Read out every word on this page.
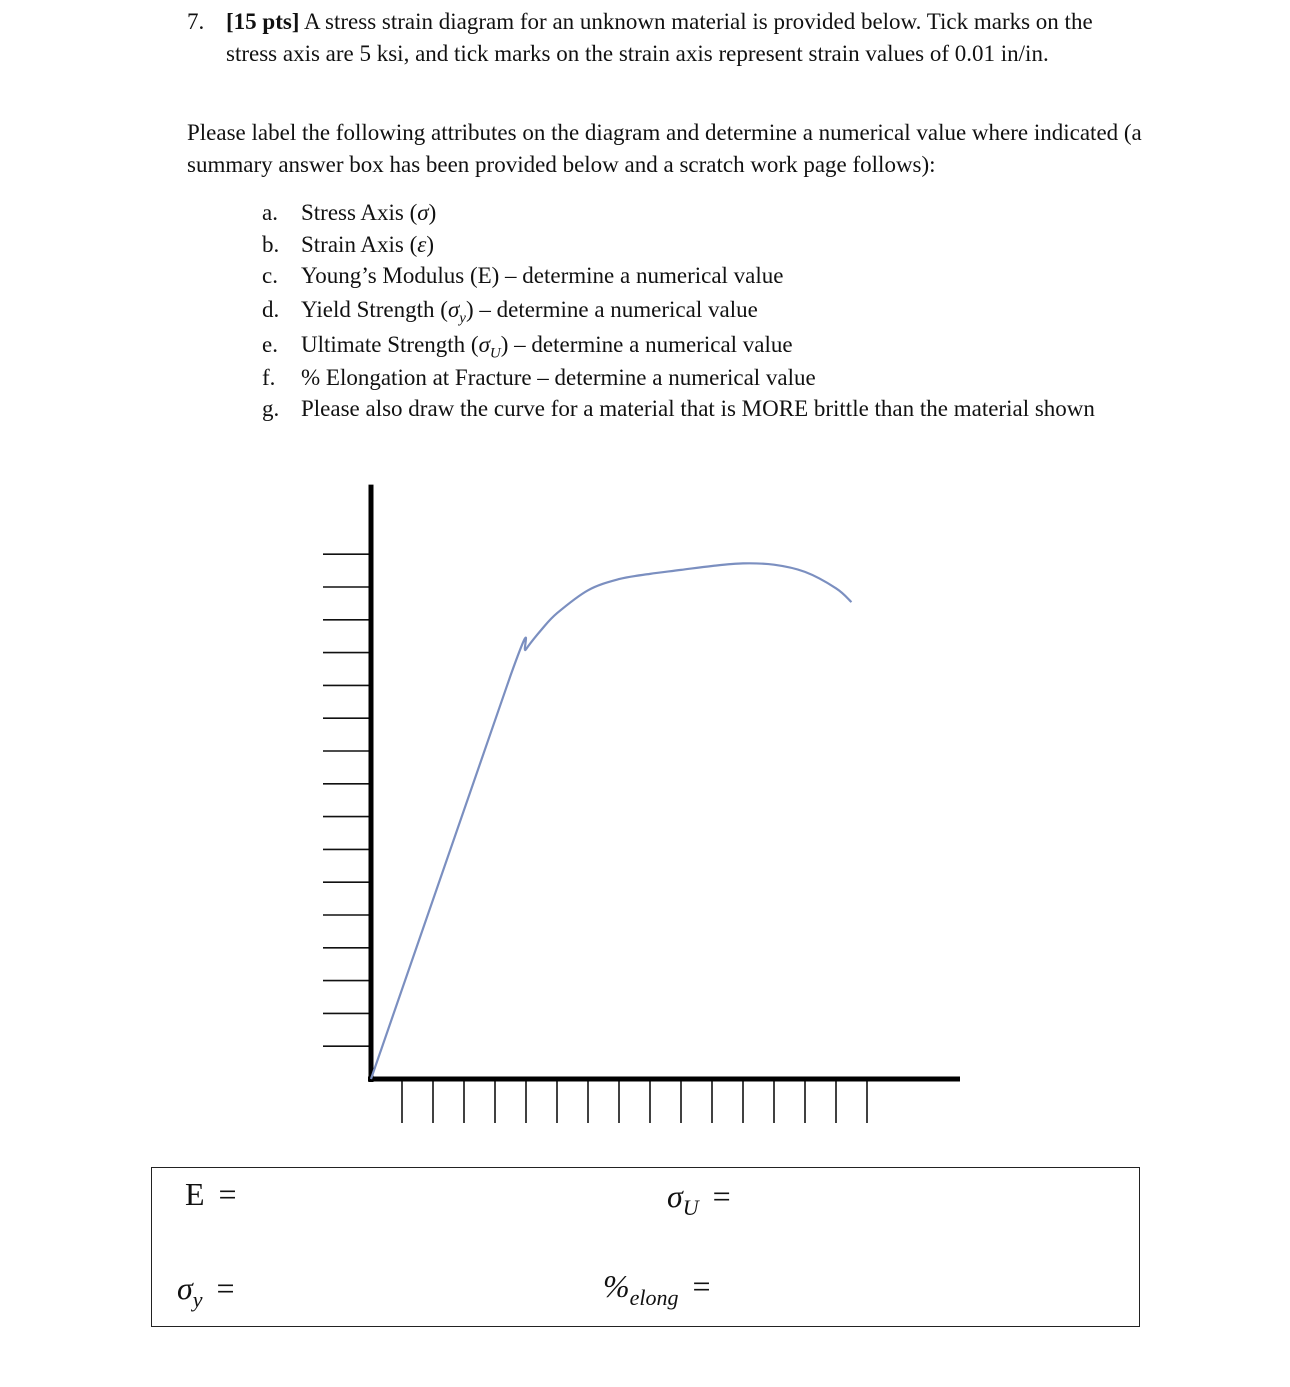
7. [15 pts] A stress strain diagram for an unknown material is provided below. Tick marks on the stress axis are 5 ksi, and tick marks on the strain axis represent strain values of 0.01 in/in.
Please label the following attributes on the diagram and determine a numerical value where indicated (a summary answer box has been provided below and a scratch work page follows):
a. Stress Axis (σ)
b. Strain Axis (ε)
c. Young’s Modulus (E) – determine a numerical value
d. Yield Strength $(\sigma_y)$ – determine a numerical value
e. Ultimate Strength $(\sigma_U)$ – determine a numerical value
f. % Elongation at Fracture – determine a numerical value
g. Please also draw the curve for a material that is MORE brittle than the material shown
E =	$\sigma_U$ =
$\sigma_y$ =	$\%_{elong}$ =
